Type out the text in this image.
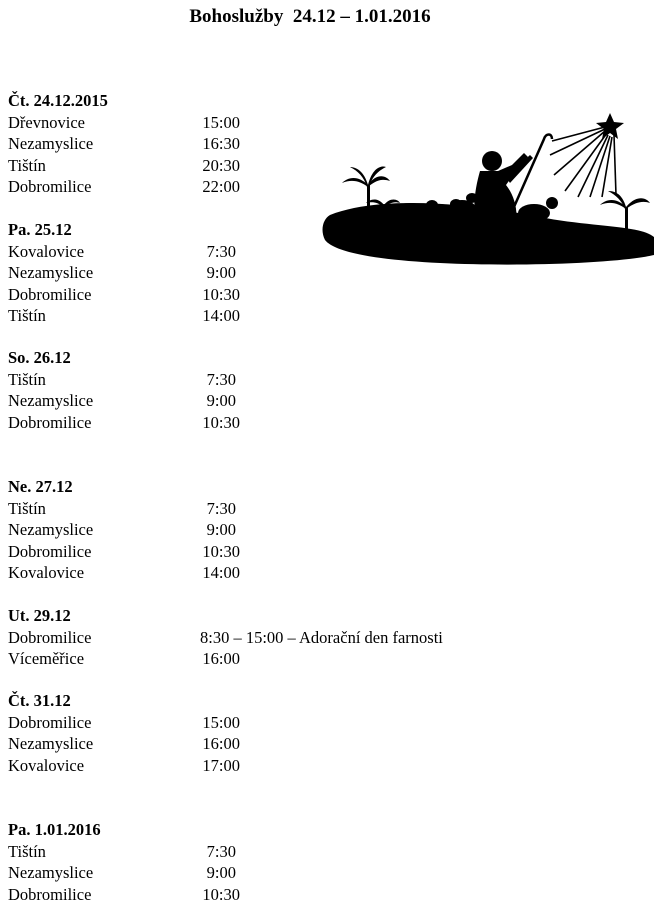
Bohoslužby  24.12 – 1.01.2016
Čt. 24.12.2015
Dřevnovice	15:00
Nezamyslice	16:30
Tištín	20:30
Dobromilice	22:00
Pa. 25.12
Kovalovice	7:30
Nezamyslice	9:00
Dobromilice	10:30
Tištín	14:00
So. 26.12
Tištín	7:30
Nezamyslice	9:00
Dobromilice	10:30
Ne. 27.12
Tištín	7:30
Nezamyslice	9:00
Dobromilice	10:30
Kovalovice	14:00
Ut. 29.12
Dobromilice	8:30 – 15:00 – Adorační den farnosti
Víceměřice	16:00
Čt. 31.12
Dobromilice	15:00
Nezamyslice	16:00
Kovalovice	17:00
Pa. 1.01.2016
Tištín	7:30
Nezamyslice	9:00
Dobromilice	10:30
